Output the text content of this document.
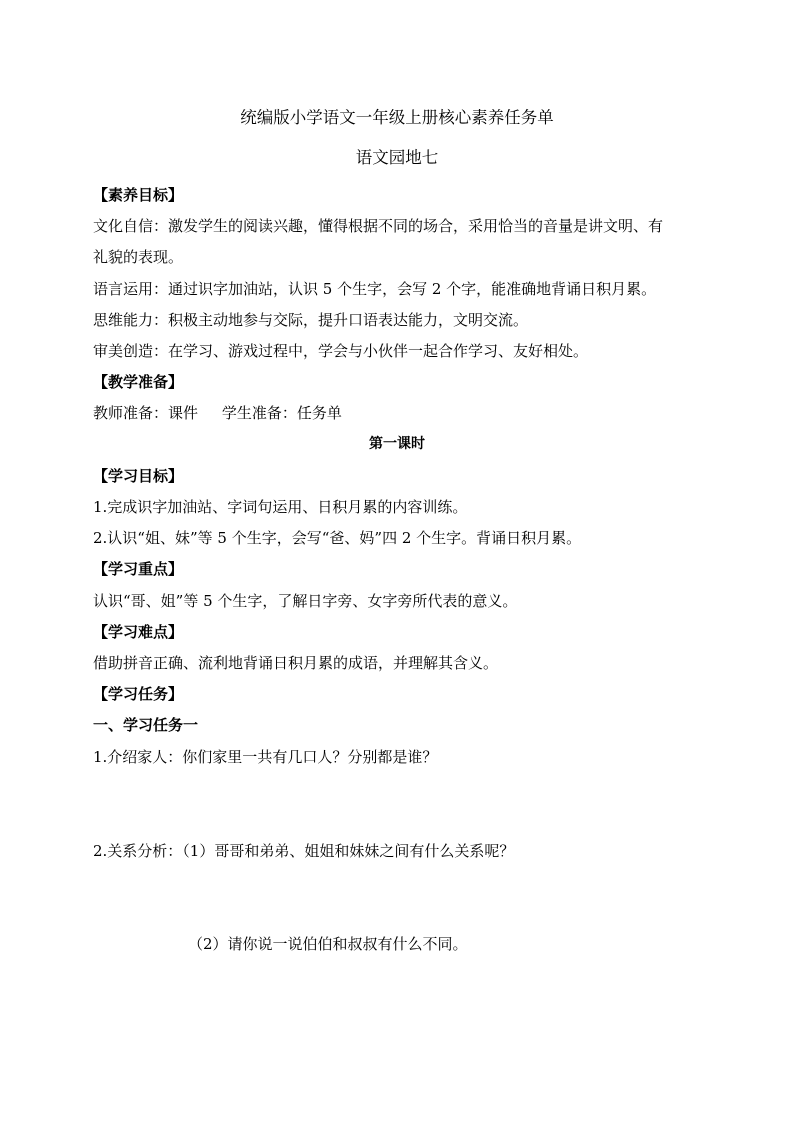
统编版小学语文一年级上册核心素养任务单
语文园地七
【素养目标】
文化自信：激发学生的阅读兴趣，懂得根据不同的场合，采用恰当的音量是讲文明、有
礼貌的表现。
语言运用：通过识字加油站，认识 5 个生字，会写 2 个字，能准确地背诵日积月累。
思维能力：积极主动地参与交际，提升口语表达能力，文明交流。
审美创造：在学习、游戏过程中，学会与小伙伴一起合作学习、友好相处。
【教学准备】
教师准备：课件     学生准备：任务单
第一课时
【学习目标】
1.完成识字加油站、字词句运用、日积月累的内容训练。
2.认识“姐、妹”等 5 个生字，会写“爸、妈”四 2 个生字。背诵日积月累。
【学习重点】
认识“哥、姐”等 5 个生字，了解日字旁、女字旁所代表的意义。
【学习难点】
借助拼音正确、流利地背诵日积月累的成语，并理解其含义。
【学习任务】
一、学习任务一
1.介绍家人：你们家里一共有几口人？分别都是谁？
2.关系分析：（1）哥哥和弟弟、姐姐和妹妹之间有什么关系呢？
（2）请你说一说伯伯和叔叔有什么不同。
